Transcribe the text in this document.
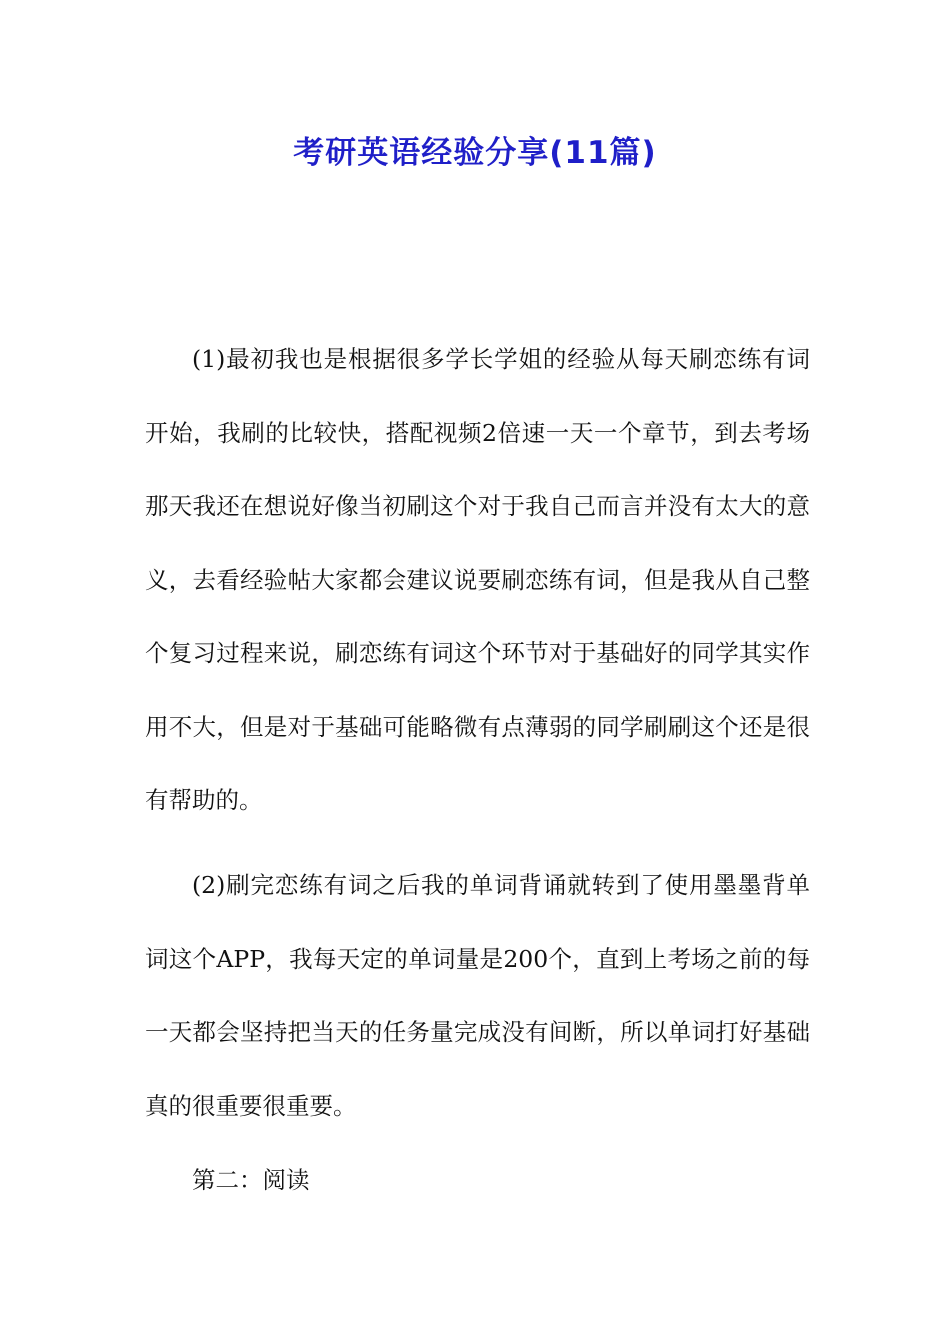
考研英语经验分享(11篇)

(1)最初我也是根据很多学长学姐的经验从每天刷恋练有词开始，我刷的比较快，搭配视频2倍速一天一个章节，到去考场那天我还在想说好像当初刷这个对于我自己而言并没有太大的意义，去看经验帖大家都会建议说要刷恋练有词，但是我从自己整个复习过程来说，刷恋练有词这个环节对于基础好的同学其实作用不大，但是对于基础可能略微有点薄弱的同学刷刷这个还是很有帮助的。

(2)刷完恋练有词之后我的单词背诵就转到了使用墨墨背单词这个APP，我每天定的单词量是200个，直到上考场之前的每一天都会坚持把当天的任务量完成没有间断，所以单词打好基础真的很重要很重要。

第二：阅读
